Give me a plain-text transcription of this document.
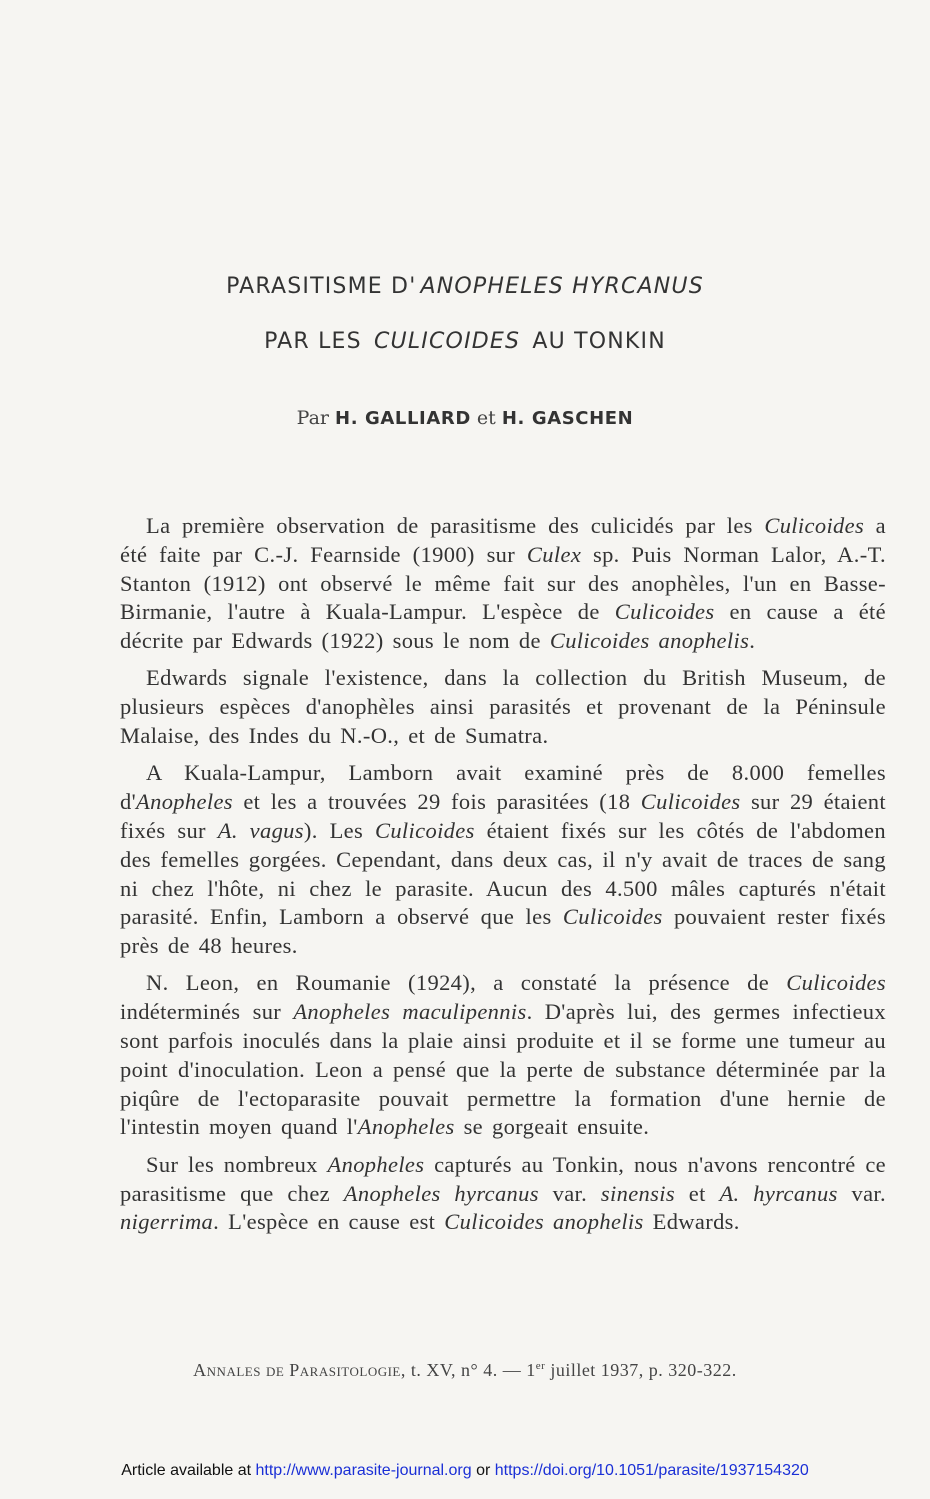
PARASITISME D' ANOPHELES HYRCANUS
PAR LES CULICOIDES AU TONKIN
Par H. GALLIARD et H. GASCHEN

La première observation de parasitisme des culicidés par les Culicoides a été faite par C.-J. Fearnside (1900) sur Culex sp. Puis Norman Lalor, A.-T. Stanton (1912) ont observé le même fait sur des anophèles, l'un en Basse-Birmanie, l'autre à Kuala-Lampur. L'espèce de Culicoides en cause a été décrite par Edwards (1922) sous le nom de Culicoides anophelis.

Edwards signale l'existence, dans la collection du British Museum, de plusieurs espèces d'anophèles ainsi parasités et provenant de la Péninsule Malaise, des Indes du N.-O., et de Sumatra.

A Kuala-Lampur, Lamborn avait examiné près de 8.000 femelles d'Anopheles et les a trouvées 29 fois parasitées (18 Culicoides sur 29 étaient fixés sur A. vagus). Les Culicoides étaient fixés sur les côtés de l'abdomen des femelles gorgées. Cependant, dans deux cas, il n'y avait de traces de sang ni chez l'hôte, ni chez le parasite. Aucun des 4.500 mâles capturés n'était parasité. Enfin, Lamborn a observé que les Culicoides pouvaient rester fixés près de 48 heures.

N. Leon, en Roumanie (1924), a constaté la présence de Culicoides indéterminés sur Anopheles maculipennis. D'après lui, des germes infectieux sont parfois inoculés dans la plaie ainsi produite et il se forme une tumeur au point d'inoculation. Leon a pensé que la perte de substance déterminée par la piqûre de l'ectoparasite pouvait permettre la formation d'une hernie de l'intestin moyen quand l'Anopheles se gorgeait ensuite.

Sur les nombreux Anopheles capturés au Tonkin, nous n'avons rencontré ce parasitisme que chez Anopheles hyrcanus var. sinensis et A. hyrcanus var. nigerrima. L'espèce en cause est Culicoides anophelis Edwards.

Annales de Parasitologie, t. XV, n° 4. — 1er juillet 1937, p. 320-322.
Article available at http://www.parasite-journal.org or https://doi.org/10.1051/parasite/1937154320
